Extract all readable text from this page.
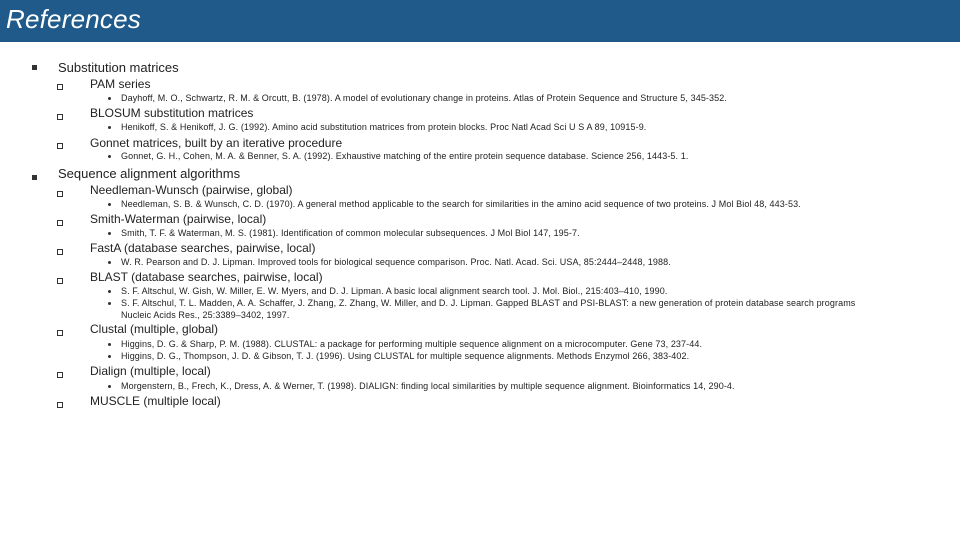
References
Substitution matrices
PAM series
Dayhoff, M. O., Schwartz, R. M. & Orcutt, B. (1978). A model of evolutionary change in proteins. Atlas of Protein Sequence and Structure 5, 345-352.
BLOSUM substitution matrices
Henikoff, S. & Henikoff, J. G. (1992). Amino acid substitution matrices from protein blocks. Proc Natl Acad Sci U S A 89, 10915-9.
Gonnet matrices, built by an iterative procedure
Gonnet, G. H., Cohen, M. A. & Benner, S. A. (1992). Exhaustive matching of the entire protein sequence database. Science 256, 1443-5. 1.
Sequence alignment algorithms
Needleman-Wunsch (pairwise, global)
Needleman, S. B. & Wunsch, C. D. (1970). A general method applicable to the search for similarities in the amino acid sequence of two proteins. J Mol Biol 48, 443-53.
Smith-Waterman (pairwise, local)
Smith, T. F. & Waterman, M. S. (1981). Identification of common molecular subsequences. J Mol Biol 147, 195-7.
FastA (database searches, pairwise, local)
W. R. Pearson and D. J. Lipman. Improved tools for biological sequence comparison. Proc. Natl. Acad. Sci. USA, 85:2444–2448, 1988.
BLAST (database searches, pairwise, local)
S. F. Altschul, W. Gish, W. Miller, E. W. Myers, and D. J. Lipman. A basic local alignment search tool. J. Mol. Biol., 215:403–410, 1990.
S. F. Altschul, T. L. Madden, A. A. Schaffer, J. Zhang, Z. Zhang, W. Miller, and D. J. Lipman. Gapped BLAST and PSI-BLAST: a new generation of protein database search programs
Nucleic Acids Res., 25:3389–3402, 1997.
Clustal (multiple, global)
Higgins, D. G. & Sharp, P. M. (1988). CLUSTAL: a package for performing multiple sequence alignment on a microcomputer. Gene 73, 237-44.
Higgins, D. G., Thompson, J. D. & Gibson, T. J. (1996). Using CLUSTAL for multiple sequence alignments. Methods Enzymol 266, 383-402.
Dialign (multiple, local)
Morgenstern, B., Frech, K., Dress, A. & Werner, T. (1998). DIALIGN: finding local similarities by multiple sequence alignment. Bioinformatics 14, 290-4.
MUSCLE (multiple local)
